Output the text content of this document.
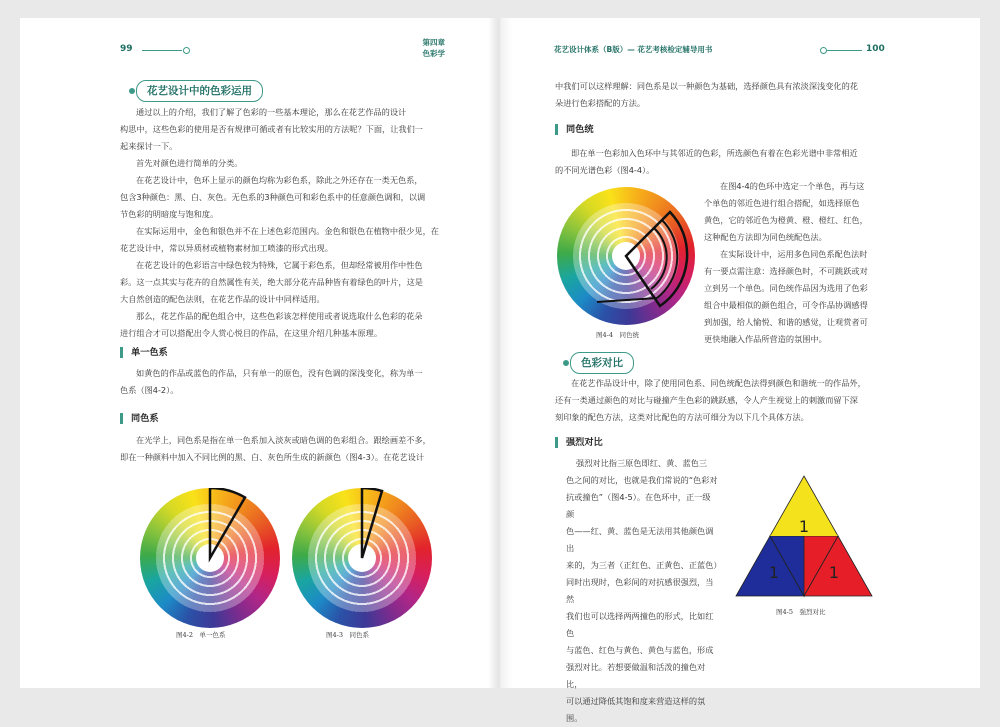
99
第四章
色彩学
花艺设计中的色彩运用
通过以上的介绍，我们了解了色彩的一些基本理论，那么在花艺作品的设计
构思中，这些色彩的使用是否有规律可循或者有比较实用的方法呢？下面，让我们一
起来探讨一下。
首先对颜色进行简单的分类。
在花艺设计中，色环上显示的颜色均称为彩色系，除此之外还存在一类无色系，
包含3种颜色：黑、白、灰色。无色系的3种颜色可和彩色系中的任意颜色调和，以调
节色彩的明暗度与饱和度。
在实际运用中，金色和银色并不在上述色彩范围内。金色和银色在植物中很少见，在
花艺设计中，常以异质材或植物素材加工喷漆的形式出现。
在花艺设计的色彩语言中绿色较为特殊，它属于彩色系，但却经常被用作中性色
彩。这一点其实与花卉的自然属性有关，绝大部分花卉品种皆有着绿色的叶片，这是
大自然创造的配色法则，在花艺作品的设计中同样适用。
那么，花艺作品的配色组合中，这些色彩该怎样使用或者说选取什么色彩的花朵
进行组合才可以搭配出令人赏心悦目的作品，在这里介绍几种基本原理。
单一色系
如黄色的作品或蓝色的作品，只有单一的原色，没有色调的深浅变化，称为单一
色系（图4-2）。
同色系
在光学上，同色系是指在单一色系加入淡灰或暗色调的色彩组合。跟绘画差不多，
即在一种颜料中加入不同比例的黑、白、灰色所生成的新颜色（图4-3）。在花艺设计
图4-2　单一色系	图4-3　同色系
花艺设计体系（B版）— 花艺考核检定辅导用书	100
中我们可以这样理解：同色系是以一种颜色为基础，选择颜色具有浓淡深浅变化的花
朵进行色彩搭配的方法。
同色统
即在单一色彩加入色环中与其邻近的色彩，所选颜色有着在色彩光谱中非常相近
的不同光谱色彩（图4-4）。
图4-4　同色统
在图4-4的色环中选定一个单色，再与这
个单色的邻近色进行组合搭配，如选择原色
黄色，它的邻近色为橙黄、橙、橙红、红色，
这种配色方法即为同色统配色法。
在实际设计中，运用多色同色系配色法时
有一要点需注意：选择颜色时，不可跳跃或对
立到另一个单色。同色统作品因为选用了色彩
组合中最相似的颜色组合，可令作品协调感得
到加强，给人愉悦、和谐的感觉，让观赏者可
更快地融入作品所营造的氛围中。
色彩对比
在花艺作品设计中，除了使用同色系、同色统配色法得到颜色和谐统一的作品外，
还有一类通过颜色的对比与碰撞产生色彩的跳跃感，令人产生视觉上的刺激而留下深
刻印象的配色方法，这类对比配色的方法可细分为以下几个具体方法。
强烈对比
强烈对比指三原色即红、黄、蓝色三
色之间的对比，也就是我们常说的“色彩对
抗或撞色”（图4-5）。在色环中，正一级颜
色——红、黄、蓝色是无法用其他颜色调出
来的，为三者（正红色、正黄色、正蓝色）
同时出现时，色彩间的对抗感很强烈，当然
我们也可以选择两两撞色的形式，比如红色
与蓝色、红色与黄色、黄色与蓝色，形成
强烈对比。若想要做温和活泼的撞色对比，
可以通过降低其饱和度来营造这样的氛围。
1
1	1
图4-5　强烈对比
